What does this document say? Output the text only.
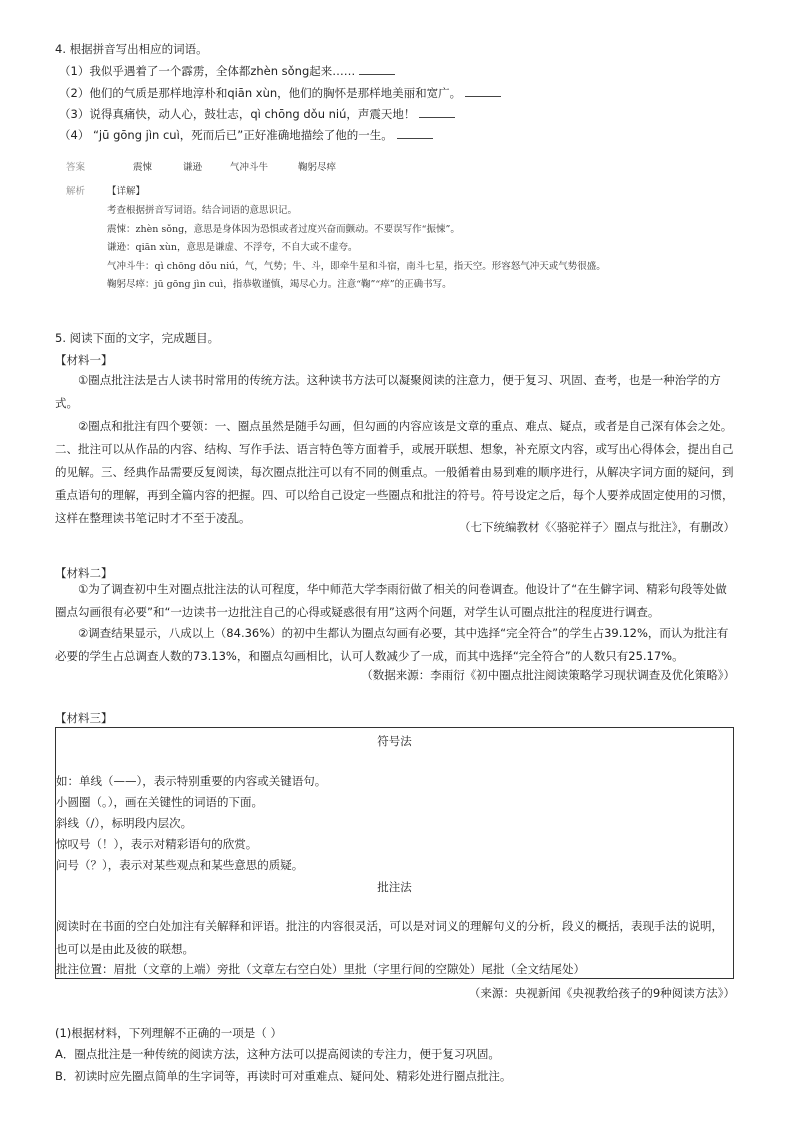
4. 根据拼音写出相应的词语。
（1）我似乎遇着了一个霹雳，全体都zhèn sǒng起来……
（2）他们的气质是那样地淳朴和qiān xùn，他们的胸怀是那样地美丽和宽广。
（3）说得真痛快，动人心，鼓壮志，qì chōng dǒu niú，声震天地！
（4） “jū gōng jìn cuì，死而后已”正好准确地描绘了他的一生。
答案	震悚	谦逊	气冲斗牛	鞠躬尽瘁
解析 【详解】
考查根据拼音写词语。结合词语的意思识记。
震悚：zhèn sǒng，意思是身体因为恐惧或者过度兴奋而颤动。不要误写作“振悚”。
谦逊：qiān xùn，意思是谦虚、不浮夸，不自大或不虚夸。
气冲斗牛：qì chōng dǒu niú，气，气势；牛、斗，即牵牛星和斗宿，南斗七星，指天空。形容怒气冲天或气势很盛。
鞠躬尽瘁：jū gōng jìn cuì，指恭敬谨慎，竭尽心力。注意“鞠”“瘁”的正确书写。
5. 阅读下面的文字，完成题目。
【材料一】
①圈点批注法是古人读书时常用的传统方法。这种读书方法可以凝聚阅读的注意力，便于复习、巩固、查考，也是一种治学的方式。
②圈点和批注有四个要领：一、圈点虽然是随手勾画，但勾画的内容应该是文章的重点、难点、疑点，或者是自己深有体会之处。二、批注可以从作品的内容、结构、写作手法、语言特色等方面着手，或展开联想、想象，补充原文内容，或写出心得体会，提出自己的见解。三、经典作品需要反复阅读，每次圈点批注可以有不同的侧重点。一般循着由易到难的顺序进行，从解决字词方面的疑问，到重点语句的理解，再到全篇内容的把握。四、可以给自己设定一些圈点和批注的符号。符号设定之后，每个人要养成固定使用的习惯，这样在整理读书笔记时才不至于凌乱。
（七下统编教材《〈骆驼祥子〉圈点与批注》，有删改）
【材料二】
①为了调查初中生对圈点批注法的认可程度，华中师范大学李雨衍做了相关的问卷调查。他设计了“在生僻字词、精彩句段等处做圈点勾画很有必要”和“一边读书一边批注自己的心得或疑惑很有用”这两个问题，对学生认可圈点批注的程度进行调查。
②调查结果显示，八成以上（84.36%）的初中生都认为圈点勾画有必要，其中选择“完全符合”的学生占39.12%，而认为批注有必要的学生占总调查人数的73.13%，和圈点勾画相比，认可人数减少了一成，而其中选择“完全符合”的人数只有25.17%。
（数据来源：李雨衍《初中圈点批注阅读策略学习现状调查及优化策略》）
【材料三】
符号法
如：单线（——），表示特别重要的内容或关键语句。
小圆圈（。），画在关键性的词语的下面。
斜线（/），标明段内层次。
惊叹号（！），表示对精彩语句的欣赏。
问号（？），表示对某些观点和某些意思的质疑。
批注法
阅读时在书面的空白处加注有关解释和评语。批注的内容很灵活，可以是对词义的理解句义的分析，段义的概括，表现手法的说明，也可以是由此及彼的联想。
批注位置：眉批（文章的上端）旁批（文章左右空白处）里批（字里行间的空隙处）尾批（全文结尾处）
（来源：央视新闻《央视教给孩子的9种阅读方法》）
(1)根据材料，下列理解不正确的一项是（ ）
A．圈点批注是一种传统的阅读方法，这种方法可以提高阅读的专注力，便于复习巩固。
B．初读时应先圈点简单的生字词等，再读时可对重难点、疑问处、精彩处进行圈点批注。
